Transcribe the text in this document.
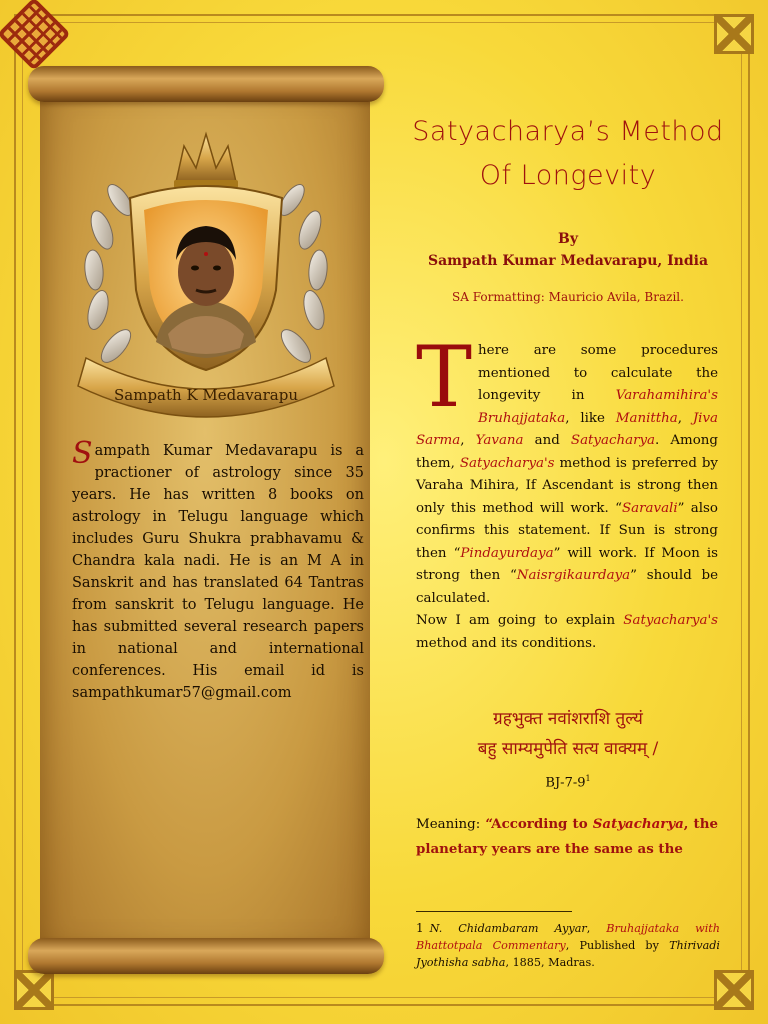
Sampath K Medavarapu
Sampath Kumar Medavarapu is a practioner of astrology since 35 years. He has written 8 books on astrology in Telugu language which includes Guru Shukra prabhavamu & Chandra kala nadi. He is an M A in Sanskrit and has translated 64 Tantras from sanskrit to Telugu language. He has submitted several research papers in national and international conferences. His email id is sampathkumar57@gmail.com
Satyacharya’s Method
Of Longevity
By
Sampath Kumar Medavarapu, India
SA Formatting: Mauricio Avila, Brazil.
There are some procedures mentioned to calculate the longevity in Varahamihira's Bruhajjataka, like Manittha, Jiva Sarma, Yavana and Satyacharya. Among them, Satyacharya's method is preferred by Varaha Mihira, If Ascendant is strong then only this method will work. “Saravali” also confirms this statement. If Sun is strong then “Pindayurdaya” will work. If Moon is strong then “Naisrgikaurdaya” should be calculated.
Now I am going to explain Satyacharya's method and its conditions.
ग्रहभुक्त नवांशराशि तुल्यं
बहु साम्यमुपेति सत्य वाक्यम् /
$BJ-7-9^1$
Meaning: “According to Satyacharya, the planetary years are the same as the
1 N. Chidambaram Ayyar, Bruhajjataka with Bhattotpala Commentary, Published by Thirivadi Jyothisha sabha, 1885, Madras.
